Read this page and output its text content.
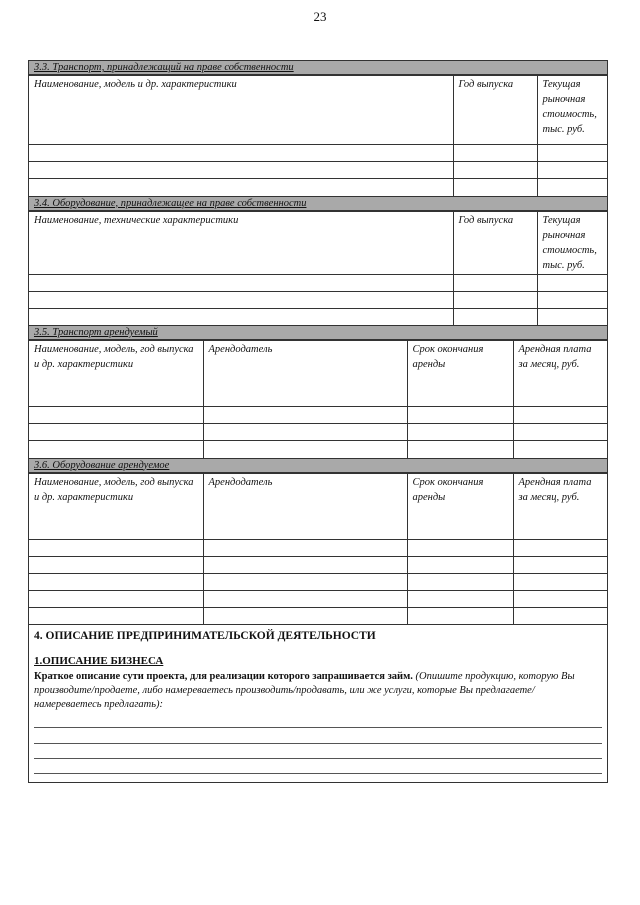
23
3.3. Транспорт, принадлежащий на праве собственности
Наименование, модель и др. характеристики	Год выпуска	Текущая рыночная стоимость, тыс. руб.

3.4. Оборудование, принадлежащее на праве собственности
Наименование, технические характеристики	Год выпуска	Текущая рыночная стоимость, тыс. руб.

3.5. Транспорт арендуемый
Наименование, модель, год выпуска и др. характеристики	Арендодатель	Срок окончания аренды	Арендная плата за месяц, руб.

3.6. Оборудование арендуемое
Наименование, модель, год выпуска и др. характеристики	Арендодатель	Срок окончания аренды	Арендная плата за месяц, руб.

4. ОПИСАНИЕ ПРЕДПРИНИМАТЕЛЬСКОЙ ДЕЯТЕЛЬНОСТИ
1.ОПИСАНИЕ БИЗНЕСА
Краткое описание сути проекта, для реализации которого запрашивается займ. (Опишите продукцию, которую Вы производите/продаете, либо намереваетесь производить/продавать, или же услуги, которые Вы предлагаете/намереваетесь предлагать):
